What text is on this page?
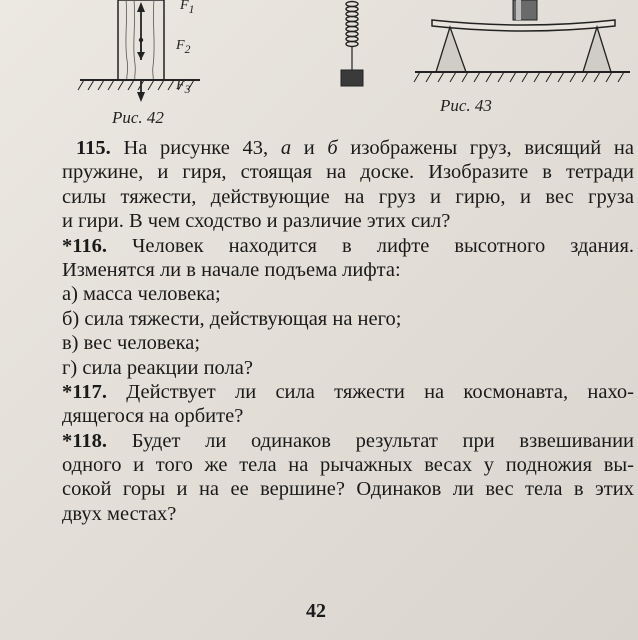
$F_1$
$F_2$
$F_3$
Рис. 42
Рис. 43
115. На рисунке 43, а и б изображены груз, висящий на
пружине, и гиря, стоящая на доске. Изобразите в тетради
силы тяжести, действующие на груз и гирю, и вес груза
и гири. В чем сходство и различие этих сил?
*116. Человек находится в лифте высотного здания.
Изменятся ли в начале подъема лифта:
а) масса человека;
б) сила тяжести, действующая на него;
в) вес человека;
г) сила реакции пола?
*117. Действует ли сила тяжести на космонавта, нахо-
дящегося на орбите?
*118. Будет ли одинаков результат при взвешивании
одного и того же тела на рычажных весах у подножия вы-
сокой горы и на ее вершине? Одинаков ли вес тела в этих
двух местах?
42
